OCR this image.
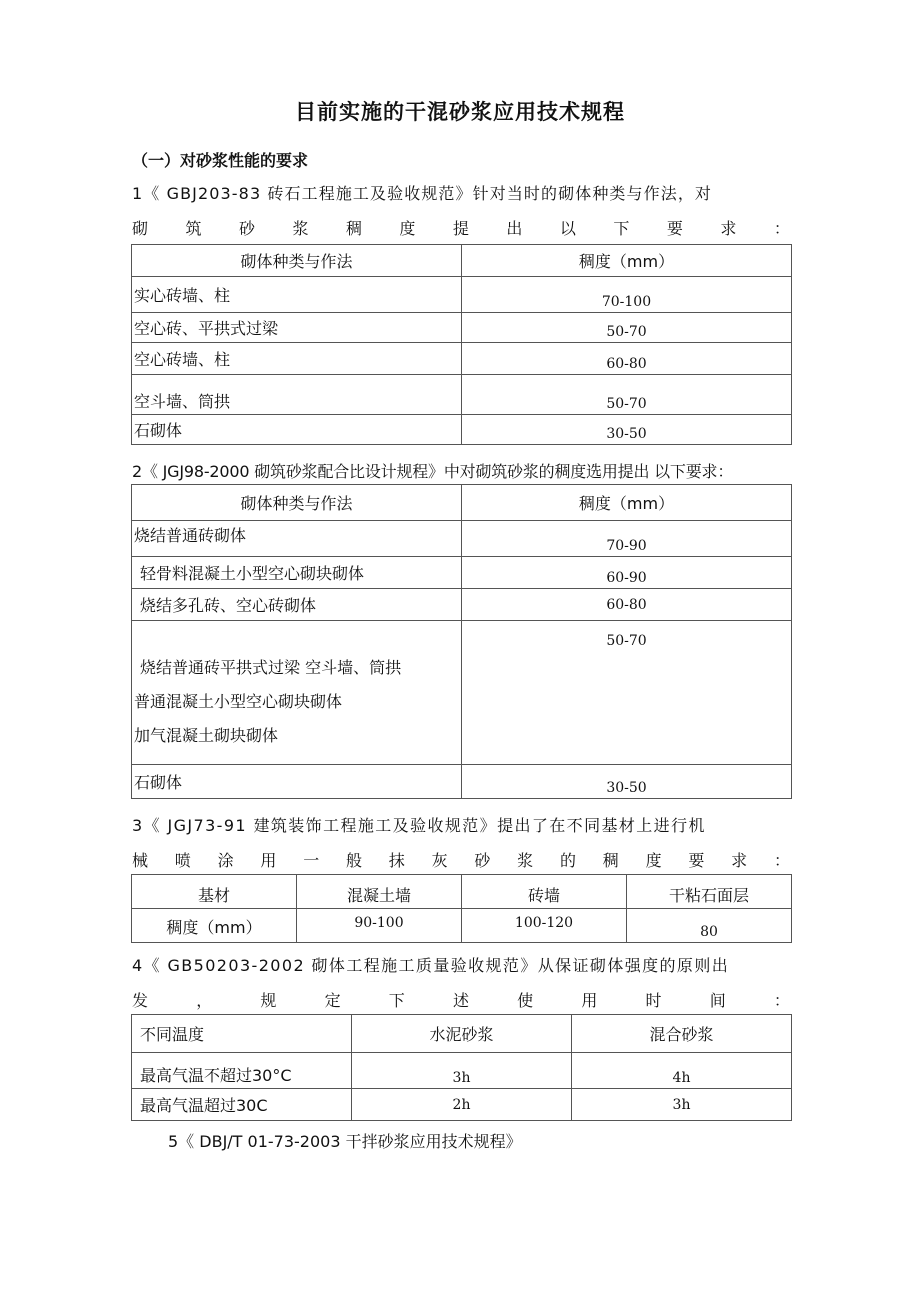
目前实施的干混砂浆应用技术规程
（一）对砂浆性能的要求
1《 GBJ203-83 砖石工程施工及验收规范》针对当时的砌体种类与作法，对
砌 筑 砂 浆 稠 度 提 出 以 下 要 求 ：
砌体种类与作法	稠度（mm）
实心砖墙、柱	70-100
空心砖、平拱式过梁	50-70
空心砖墙、柱	60-80
空斗墙、筒拱	50-70
石砌体	30-50
2《 JGJ98-2000 砌筑砂浆配合比设计规程》中对砌筑砂浆的稠度选用提出 以下要求：
砌体种类与作法	稠度（mm）
烧结普通砖砌体	70-90
轻骨料混凝土小型空心砌块砌体	60-90
烧结多孔砖、空心砖砌体	60-80

烧结普通砖平拱式过梁 空斗墙、筒拱
普通混凝土小型空心砌块砌体
加气混凝土砌块砌体	50-70
石砌体	30-50
3《 JGJ73-91 建筑装饰工程施工及验收规范》提出了在不同基材上进行机
械 喷 涂 用 一 般 抹 灰 砂 浆 的 稠 度 要 求 ：
基材	混凝土墙	砖墙	干粘石面层
稠度（mm）	90-100	100-120	80
4《 GB50203-2002 砌体工程施工质量验收规范》从保证砌体强度的原则出
发	，	规	定	下	述	使	用	时	间	：
不同温度	水泥砂浆	混合砂浆
最高气温不超过30°C	3h	4h
最高气温超过30C	2h	3h
5《 DBJ/T 01-73-2003 干拌砂浆应用技术规程》
